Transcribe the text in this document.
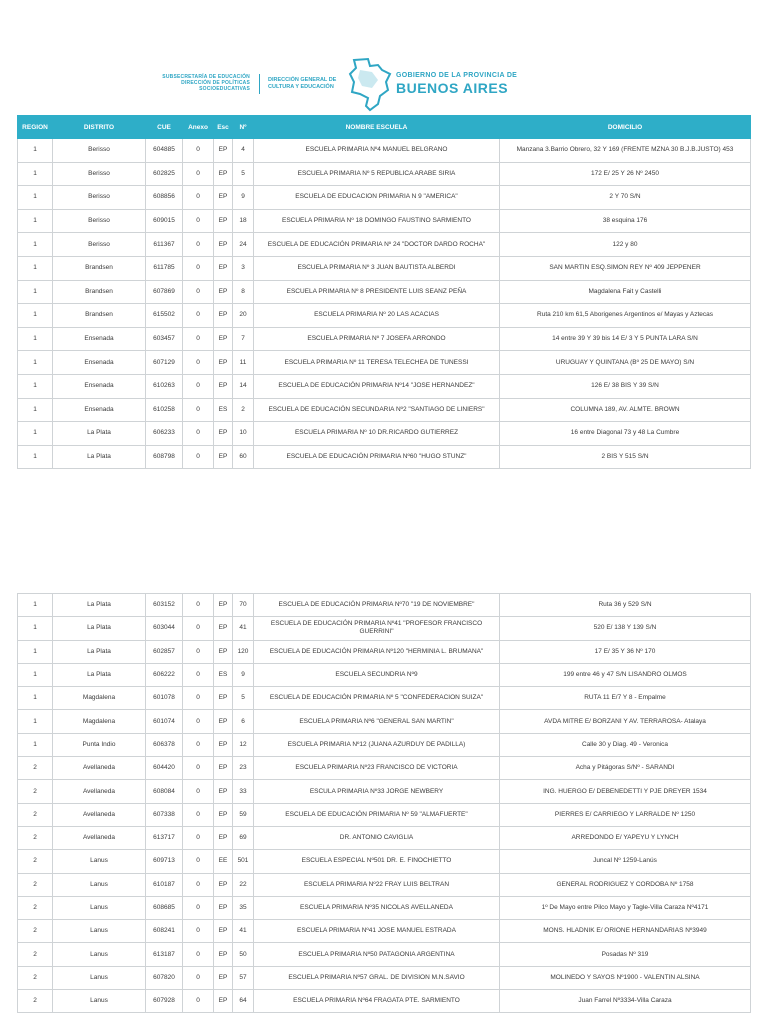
SUBSECRETARÍA DE EDUCACIÓN
DIRECCIÓN DE POLÍTICAS
SOCIOEDUCATIVAS
DIRECCIÓN GENERAL DE
CULTURA Y EDUCACIÓN
GOBIERNO DE LA PROVINCIA DE
BUENOS AIRES
REGION	DISTRITO	CUE	Anexo	Esc	Nº	NOMBRE ESCUELA	DOMICILIO
1	Berisso	604885	0	EP	4	ESCUELA PRIMARIA Nº4 MANUEL BELGRANO	Manzana 3.Barrio Obrero, 32 Y 169 (FRENTE MZNA 30 B.J.B.JUSTO) 453
1	Berisso	602825	0	EP	5	ESCUELA PRIMARIA Nº 5 REPUBLICA ARABE SIRIA	172 E/ 25 Y 26 Nº 2450
1	Berisso	608856	0	EP	9	ESCUELA DE EDUCACION PRIMARIA N 9 "AMERICA"	2 Y 70 S/N
1	Berisso	609015	0	EP	18	ESCUELA PRIMARIA Nº 18 DOMINGO FAUSTINO SARMIENTO	38 esquina 176
1	Berisso	611367	0	EP	24	ESCUELA DE EDUCACIÓN PRIMARIA Nº 24 "DOCTOR DARDO ROCHA"	122 y 80
1	Brandsen	611785	0	EP	3	ESCUELA PRIMARIA Nº 3 JUAN BAUTISTA ALBERDI	SAN MARTIN ESQ.SIMON REY Nº 409 JEPPENER
1	Brandsen	607869	0	EP	8	ESCUELA PRIMARIA Nº 8 PRESIDENTE LUIS SEANZ PEÑA	Magdalena Fait y Castelli
1	Brandsen	615502	0	EP	20	ESCUELA PRIMARIA Nº 20 LAS ACACIAS	Ruta 210 km 61,5 Aborigenes Argentinos e/ Mayas y Aztecas
1	Ensenada	603457	0	EP	7	ESCUELA PRIMARIA Nº 7 JOSEFA ARRONDO	14 entre 39 Y 39 bis 14 E/ 3 Y 5 PUNTA LARA S/N
1	Ensenada	607129	0	EP	11	ESCUELA PRIMARIA Nº 11 TERESA TELECHEA DE TUNESSI	URUGUAY Y QUINTANA (Bº 25 DE MAYO) S/N
1	Ensenada	610263	0	EP	14	ESCUELA DE EDUCACIÓN PRIMARIA Nº14 "JOSE HERNANDEZ"	126 E/ 38 BIS Y 39 S/N
1	Ensenada	610258	0	ES	2	ESCUELA DE EDUCACIÓN SECUNDARIA Nº2 "SANTIAGO DE LINIERS"	COLUMNA 189, AV. ALMTE. BROWN
1	La Plata	606233	0	EP	10	ESCUELA PRIMARIA Nº 10 DR.RICARDO GUTIERREZ	16 entre Diagonal 73 y 48 La Cumbre
1	La Plata	608798	0	EP	60	ESCUELA DE EDUCACIÓN PRIMARIA Nº60 "HUGO STUNZ"	2 BIS Y 515 S/N
1	La Plata	603152	0	EP	70	ESCUELA DE EDUCACIÓN PRIMARIA Nº70 "19 DE NOVIEMBRE"	Ruta 36 y 529 S/N
1	La Plata	603044	0	EP	41	ESCUELA DE EDUCACIÓN PRIMARIA Nº41 "PROFESOR FRANCISCO GUERRINI"	520 E/ 138 Y 139 S/N
1	La Plata	602857	0	EP	120	ESCUELA DE EDUCACIÓN PRIMARIA Nº120 "HERMINIA L. BRUMANA"	17 E/ 35 Y 36 Nº 170
1	La Plata	606222	0	ES	9	ESCUELA SECUNDRIA Nº9	199 entre 46 y 47 S/N LISANDRO OLMOS
1	Magdalena	601078	0	EP	5	ESCUELA DE EDUCACIÓN PRIMARIA Nº 5 "CONFEDERACION SUIZA"	RUTA 11 E/7 Y 8 - Empalme
1	Magdalena	601074	0	EP	6	ESCUELA PRIMARIA Nº6 "GENERAL SAN MARTIN"	AVDA MITRE E/ BORZANI Y AV. TERRAROSA- Atalaya
1	Punta Indio	606378	0	EP	12	ESCUELA PRIMARIA Nº12 (JUANA AZURDUY DE PADILLA)	Calle 30 y Diag. 49 - Veronica
2	Avellaneda	604420	0	EP	23	ESCUELA PRIMARIA Nº23 FRANCISCO DE VICTORIA	Acha y Pitágoras S/Nº - SARANDI
2	Avellaneda	608084	0	EP	33	ESCULA PRIMARIA Nº33 JORGE NEWBERY	ING. HUERGO E/ DEBENEDETTI Y PJE DREYER 1534
2	Avellaneda	607338	0	EP	59	ESCUELA DE EDUCACIÓN PRIMARIA Nº 59 "ALMAFUERTE"	PIERRES E/ CARRIEGO Y LARRALDE Nº 1250
2	Avellaneda	613717	0	EP	69	DR. ANTONIO CAVIGLIA	ARREDONDO E/ YAPEYU Y LYNCH
2	Lanus	609713	0	EE	501	ESCUELA ESPECIAL Nº501 DR. E. FINOCHIETTO	Juncal Nº 1259-Lanús
2	Lanus	610187	0	EP	22	ESCUELA PRIMARIA Nº22 FRAY LUIS BELTRAN	GENERAL RODRIGUEZ Y CORDOBA Nº 1758
2	Lanus	608685	0	EP	35	ESCUELA PRIMARIA Nº35 NICOLAS AVELLANEDA	1º De Mayo entre Pilco Mayo y Tagle-Villa Caraza Nº4171
2	Lanus	608241	0	EP	41	ESCUELA PRIMARIA Nº41 JOSE MANUEL ESTRADA	MONS. HLADNIK E/ ORIONE HERNANDARIAS Nº3949
2	Lanus	613187	0	EP	50	ESCUELA PRIMARIA Nº50 PATAGONIA ARGENTINA	Posadas Nº 319
2	Lanus	607820	0	EP	57	ESCUELA PRIMARIA Nº57 GRAL. DE DIVISION M.N.SAVIO	MOLINEDO Y SAYOS Nº1900 - VALENTIN ALSINA
2	Lanus	607928	0	EP	64	ESCUELA PRIMARIA Nº64 FRAGATA PTE. SARMIENTO	Juan Farrel Nº3334-Villa Caraza
